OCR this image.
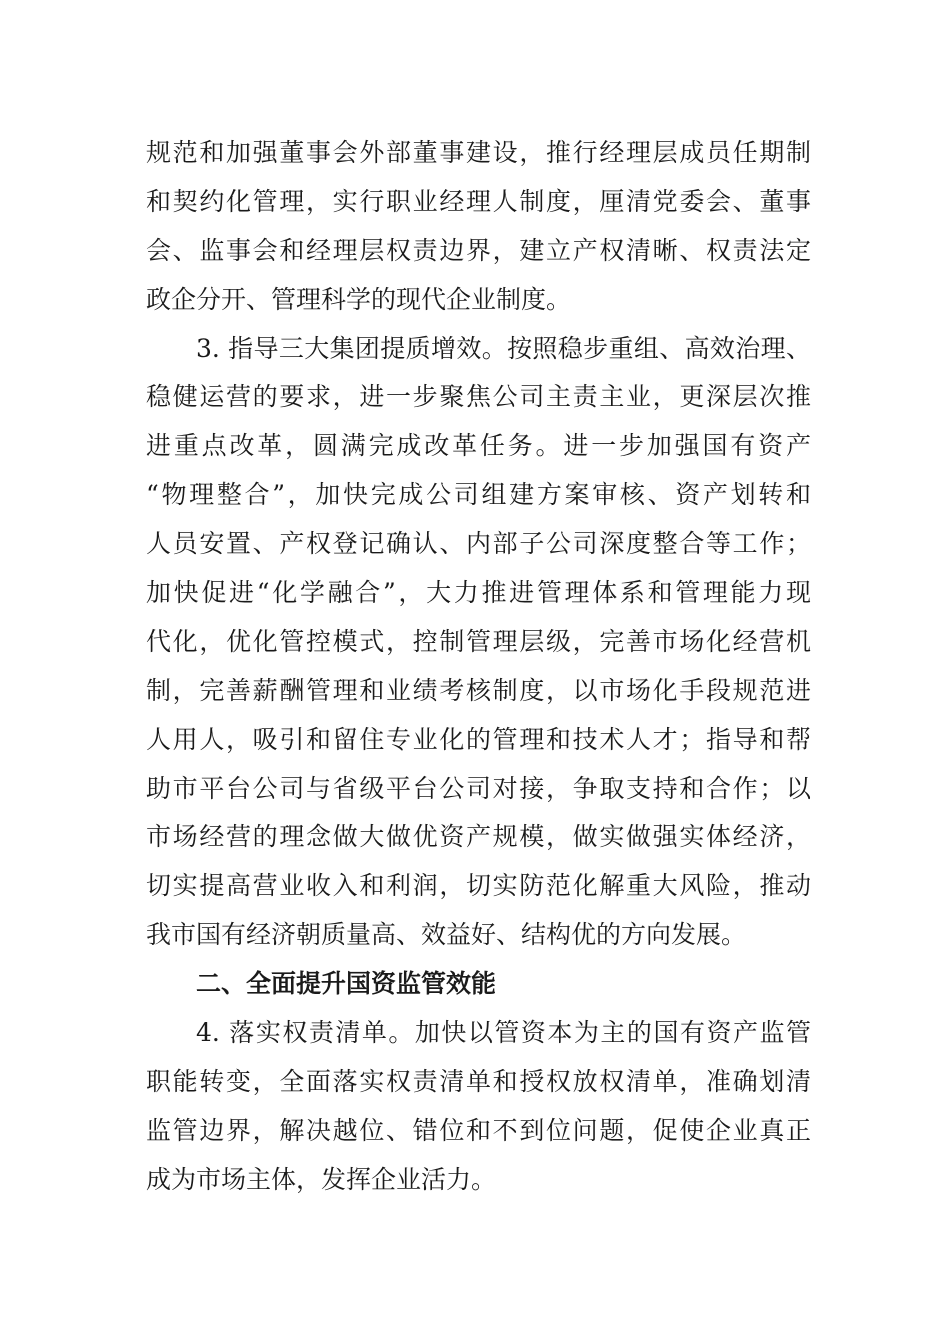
规范和加强董事会外部董事建设，推行经理层成员任期制
和契约化管理，实行职业经理人制度，厘清党委会、董事
会、监事会和经理层权责边界，建立产权清晰、权责法定
政企分开、管理科学的现代企业制度。
3. 指导三大集团提质增效。按照稳步重组、高效治理、
稳健运营的要求，进一步聚焦公司主责主业，更深层次推
进重点改革，圆满完成改革任务。进一步加强国有资产
“物理整合”，加快完成公司组建方案审核、资产划转和
人员安置、产权登记确认、内部子公司深度整合等工作；
加快促进“化学融合”，大力推进管理体系和管理能力现
代化，优化管控模式，控制管理层级，完善市场化经营机
制，完善薪酬管理和业绩考核制度，以市场化手段规范进
人用人，吸引和留住专业化的管理和技术人才；指导和帮
助市平台公司与省级平台公司对接，争取支持和合作；以
市场经营的理念做大做优资产规模，做实做强实体经济，
切实提高营业收入和利润，切实防范化解重大风险，推动
我市国有经济朝质量高、效益好、结构优的方向发展。
二、全面提升国资监管效能
4. 落实权责清单。加快以管资本为主的国有资产监管
职能转变，全面落实权责清单和授权放权清单，准确划清
监管边界，解决越位、错位和不到位问题，促使企业真正
成为市场主体，发挥企业活力。
